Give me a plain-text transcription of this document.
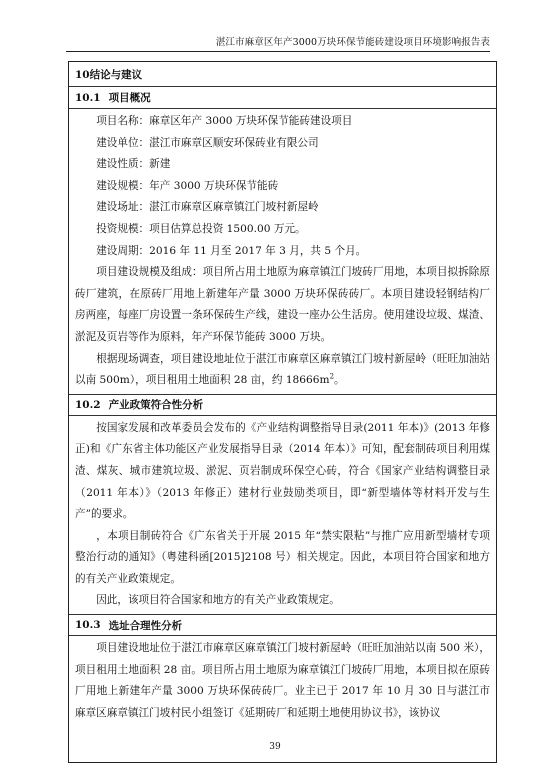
湛江市麻章区年产3000万块环保节能砖建设项目环境影响报告表
10结论与建议
10.1 项目概况
项目名称：麻章区年产 3000 万块环保节能砖建设项目
建设单位：湛江市麻章区顺安环保砖业有限公司
建设性质：新建
建设规模：年产 3000 万块环保节能砖
建设场址：湛江市麻章区麻章镇江门坡村新屋岭
投资规模：项目估算总投资 1500.00 万元。
建设周期：2016 年 11 月至 2017 年 3 月，共 5 个月。
项目建设规模及组成：项目所占用土地原为麻章镇江门坡砖厂用地，本项目拟拆除原砖厂建筑，在原砖厂用地上新建年产量 3000 万块环保砖砖厂。本项目建设轻钢结构厂房两座，每座厂房设置一条环保砖生产线，建设一座办公生活房。使用建设垃圾、煤渣、淤泥及页岩等作为原料，年产环保节能砖 3000 万块。
根据现场调查，项目建设地址位于湛江市麻章区麻章镇江门坡村新屋岭（旺旺加油站以南 500m），项目租用土地面积 28 亩，约 $18666m^2$。
10.2 产业政策符合性分析
按国家发展和改革委员会发布的《产业结构调整指导目录(2011 年本)》(2013 年修正)和《广东省主体功能区产业发展指导目录（2014 年本）》可知，配套制砖项目利用煤渣、煤灰、城市建筑垃圾、淤泥、页岩制成环保空心砖，符合《国家产业结构调整目录（2011 年本）》（2013 年修正）建材行业鼓励类项目，即“新型墙体等材料开发与生产”的要求。
，本项目制砖符合《广东省关于开展 2015 年“禁实限粘”与推广应用新型墙材专项整治行动的通知》（粤建科函[2015]2108 号）相关规定。因此，本项目符合国家和地方的有关产业政策规定。
因此，该项目符合国家和地方的有关产业政策规定。
10.3 选址合理性分析
项目建设地址位于湛江市麻章区麻章镇江门坡村新屋岭（旺旺加油站以南 500 米），项目租用土地面积 28 亩。项目所占用土地原为麻章镇江门坡砖厂用地，本项目拟在原砖厂用地上新建年产量 3000 万块环保砖砖厂。业主已于 2017 年 10 月 30 日与湛江市麻章区麻章镇江门坡村民小组签订《延期砖厂和延期土地使用协议书》，该协议
39
